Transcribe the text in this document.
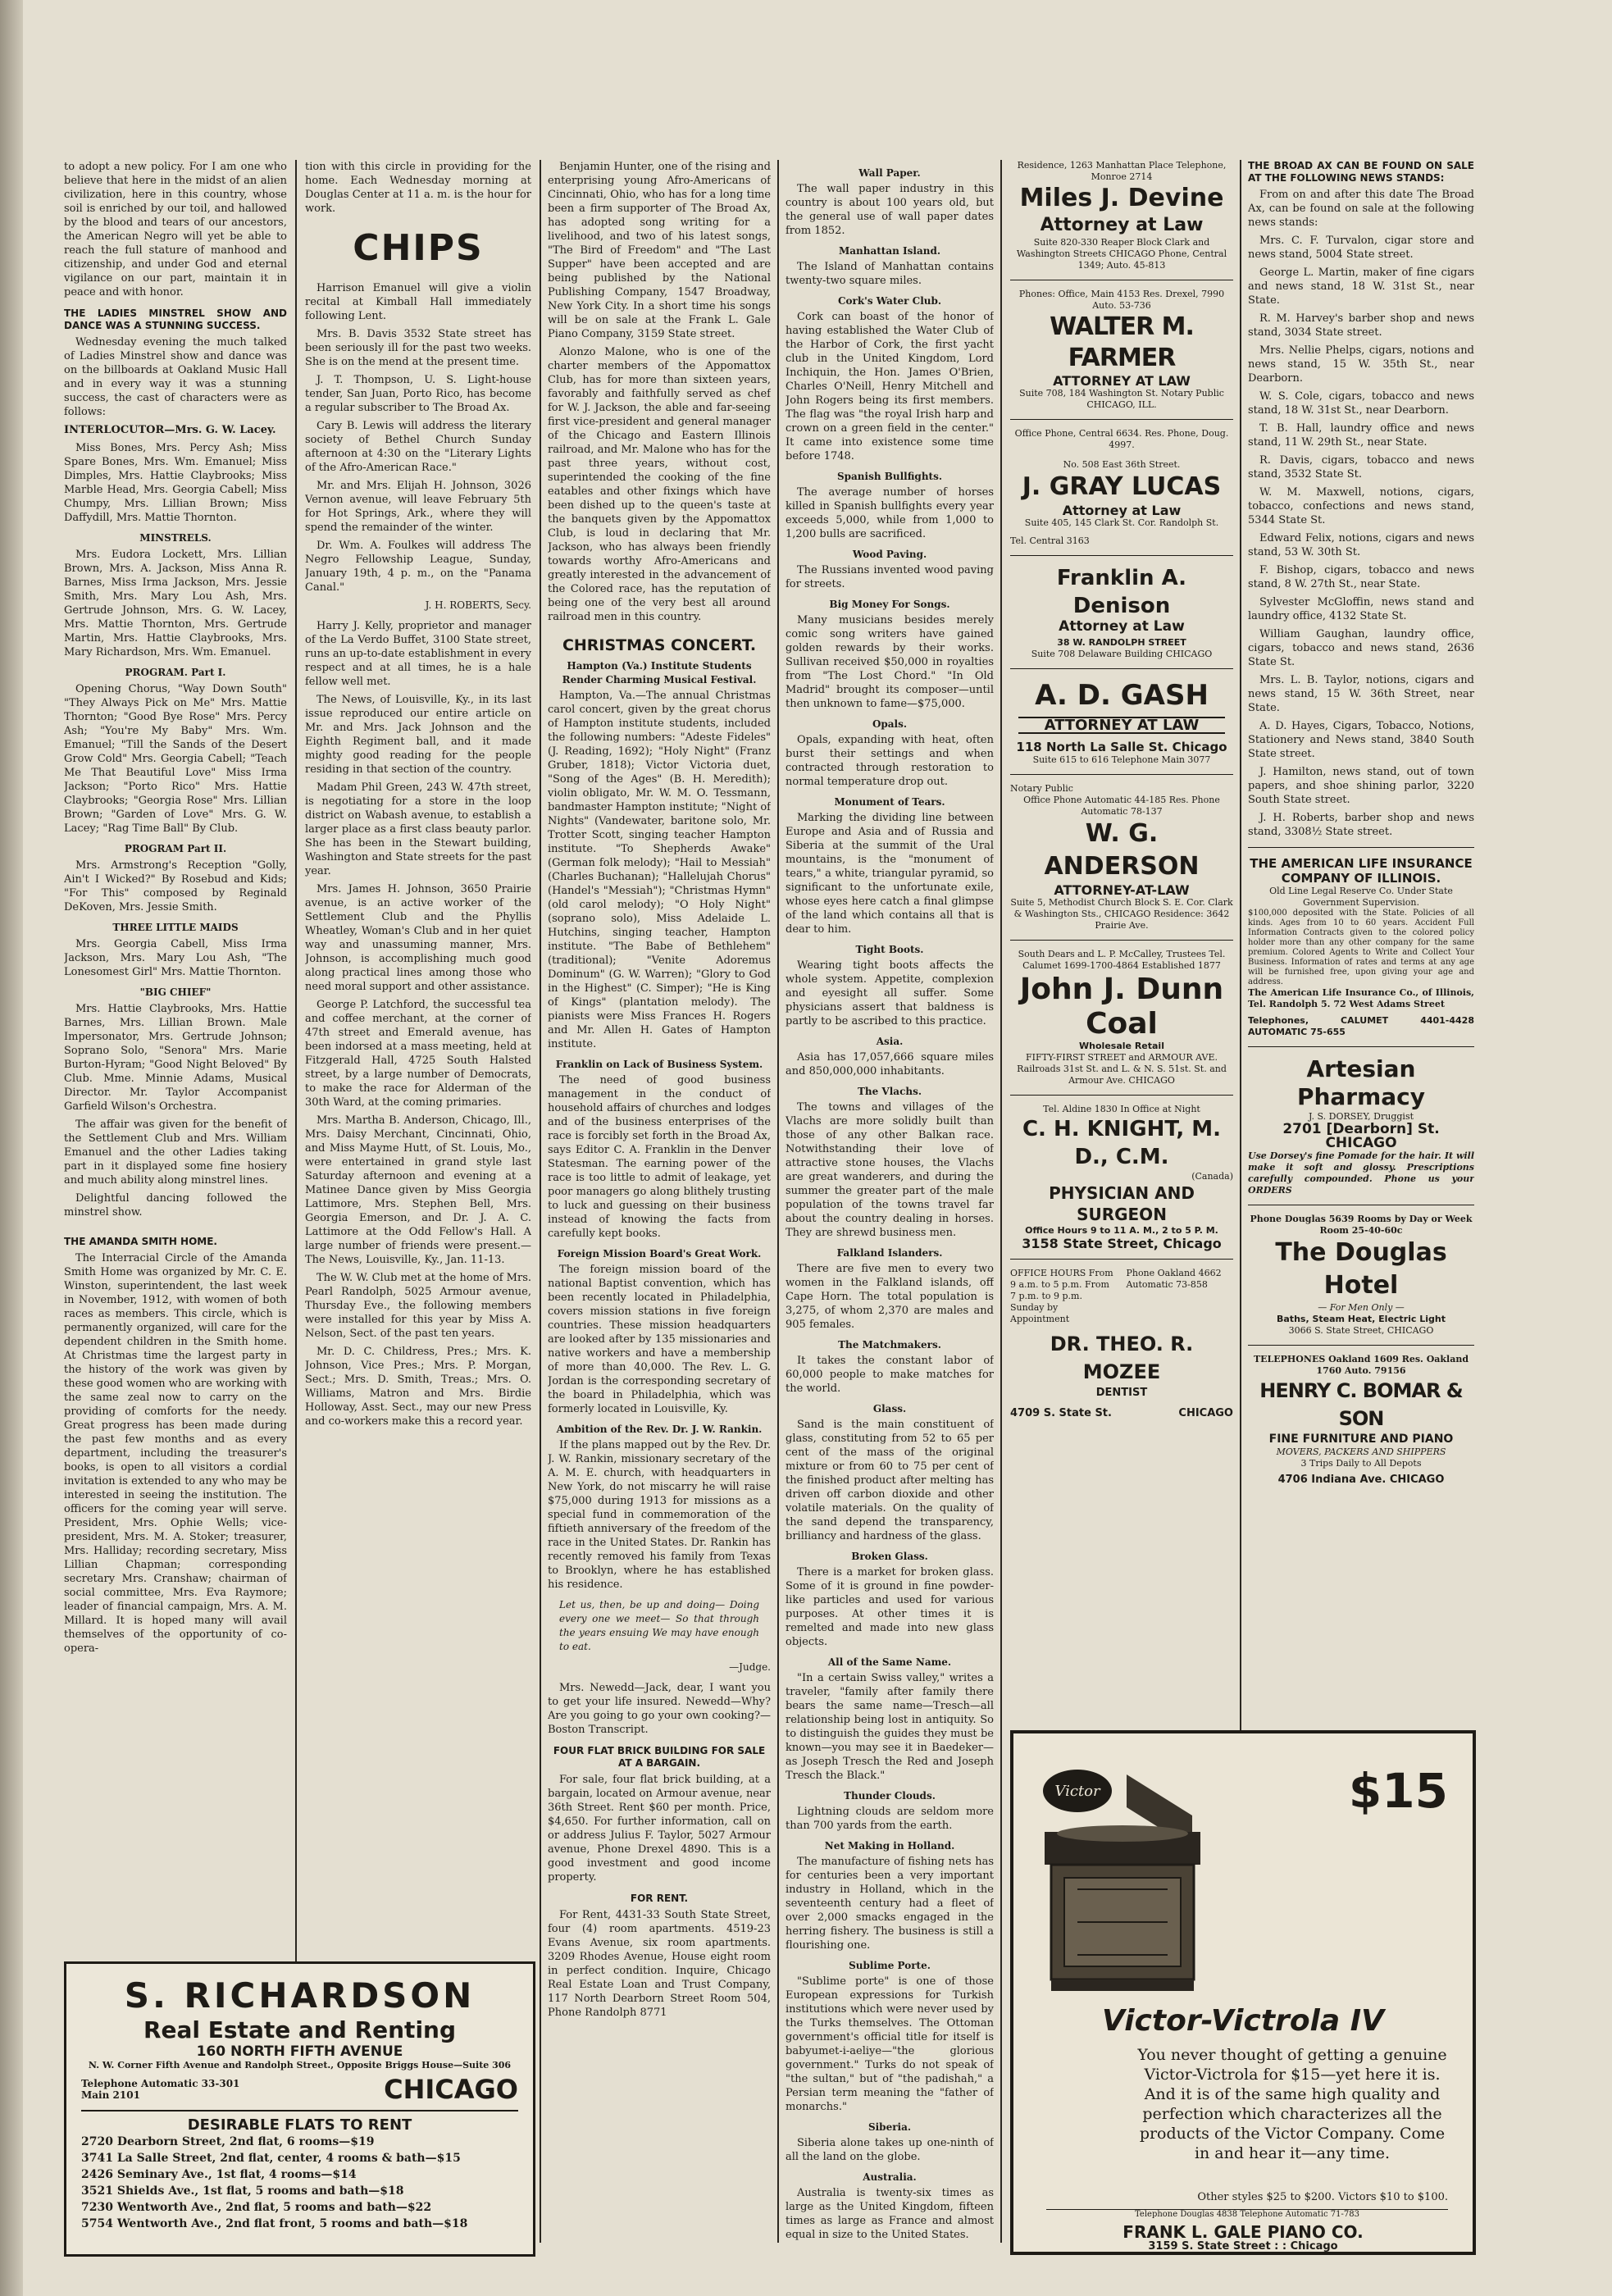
to adopt a new policy. For I am one who believe that here in the midst of an alien civilization, here in this country, whose soil is enriched by our toil, and hallowed by the blood and tears of our ancestors, the American Negro will yet be able to reach the full stature of manhood and citizenship, and under God and eternal vigilance on our part, maintain it in peace and with honor.

THE LADIES MINSTREL SHOW AND DANCE WAS A STUNNING SUCCESS.

Wednesday evening the much talked of Ladies Minstrel show and dance was on the billboards at Oakland Music Hall and in every way it was a stunning success, the cast of characters were as follows:

INTERLOCUTOR—Mrs. G. W. Lacey.

Miss Bones, Mrs. Percy Ash; Miss Spare Bones, Mrs. Wm. Emanuel; Miss Dimples, Mrs. Hattie Claybrooks; Miss Marble Head, Mrs. Georgia Cabell; Miss Chumpy, Mrs. Lillian Brown; Miss Daffydill, Mrs. Mattie Thornton.

MINSTRELS.

Mrs. Eudora Lockett, Mrs. Lillian Brown, Mrs. A. Jackson, Miss Anna R. Barnes, Miss Irma Jackson, Mrs. Jessie Smith, Mrs. Mary Lou Ash, Mrs. Gertrude Johnson, Mrs. G. W. Lacey, Mrs. Mattie Thornton, Mrs. Gertrude Martin, Mrs. Hattie Claybrooks, Mrs. Mary Richardson, Mrs. Wm. Emanuel.

PROGRAM. Part I.

Opening Chorus, "Way Down South" "They Always Pick on Me" Mrs. Mattie Thornton; "Good Bye Rose" Mrs. Percy Ash; "You're My Baby" Mrs. Wm. Emanuel; "Till the Sands of the Desert Grow Cold" Mrs. Georgia Cabell; "Teach Me That Beautiful Love" Miss Irma Jackson; "Porto Rico" Mrs. Hattie Claybrooks; "Georgia Rose" Mrs. Lillian Brown; "Garden of Love" Mrs. G. W. Lacey; "Rag Time Ball" By Club.

PROGRAM Part II.

Mrs. Armstrong's Reception "Golly, Ain't I Wicked?" By Rosebud and Kids; "For This" composed by Reginald DeKoven, Mrs. Jessie Smith.

THREE LITTLE MAIDS

Mrs. Georgia Cabell, Miss Irma Jackson, Mrs. Mary Lou Ash, "The Lonesomest Girl" Mrs. Mattie Thornton.

"BIG CHIEF"

Mrs. Hattie Claybrooks, Mrs. Hattie Barnes, Mrs. Lillian Brown. Male Impersonator, Mrs. Gertrude Johnson; Soprano Solo, "Senora" Mrs. Marie Burton-Hyram; "Good Night Beloved" By Club. Mme. Minnie Adams, Musical Director. Mr. Taylor Accompanist Garfield Wilson's Orchestra.

The affair was given for the benefit of the Settlement Club and Mrs. William Emanuel and the other Ladies taking part in it displayed some fine hosiery and much ability along minstrel lines.

Delightful dancing followed the minstrel show.

THE AMANDA SMITH HOME.

The Interracial Circle of the Amanda Smith Home was organized by Mr. C. E. Winston, superintendent, the last week in November, 1912, with women of both races as members. This circle, which is permanently organized, will care for the dependent children in the Smith home. At Christmas time the largest party in the history of the work was given by these good women who are working with the same zeal now to carry on the providing of comforts for the needy. Great progress has been made during the past few months and as every department, including the treasurer's books, is open to all visitors a cordial invitation is extended to any who may be interested in seeing the institution. The officers for the coming year will serve. President, Mrs. Ophie Wells; vice-president, Mrs. M. A. Stoker; treasurer, Mrs. Halliday; recording secretary, Miss Lillian Chapman; corresponding secretary Mrs. Cranshaw; chairman of social committee, Mrs. Eva Raymore; leader of financial campaign, Mrs. A. M. Millard. It is hoped many will avail themselves of the opportunity of co-opera-

tion with this circle in providing for the home. Each Wednesday morning at Douglas Center at 11 a. m. is the hour for work.

CHIPS

Harrison Emanuel will give a violin recital at Kimball Hall immediately following Lent.

Mrs. B. Davis 3532 State street has been seriously ill for the past two weeks. She is on the mend at the present time.

J. T. Thompson, U. S. Light-house tender, San Juan, Porto Rico, has become a regular subscriber to The Broad Ax.

Cary B. Lewis will address the literary society of Bethel Church Sunday afternoon at 4:30 on the "Literary Lights of the Afro-American Race."

Mr. and Mrs. Elijah H. Johnson, 3026 Vernon avenue, will leave February 5th for Hot Springs, Ark., where they will spend the remainder of the winter.

Dr. Wm. A. Foulkes will address The Negro Fellowship League, Sunday, January 19th, 4 p. m., on the "Panama Canal."

J. H. ROBERTS, Secy.

Harry J. Kelly, proprietor and manager of the La Verdo Buffet, 3100 State street, runs an up-to-date establishment in every respect and at all times, he is a hale fellow well met.

The News, of Louisville, Ky., in its last issue reproduced our entire article on Mr. and Mrs. Jack Johnson and the Eighth Regiment ball, and it made mighty good reading for the people residing in that section of the country.

Madam Phil Green, 243 W. 47th street, is negotiating for a store in the loop district on Wabash avenue, to establish a larger place as a first class beauty parlor. She has been in the Stewart building, Washington and State streets for the past year.

Mrs. James H. Johnson, 3650 Prairie avenue, is an active worker of the Settlement Club and the Phyllis Wheatley, Woman's Club and in her quiet way and unassuming manner, Mrs. Johnson, is accomplishing much good along practical lines among those who need moral support and other assistance.

George P. Latchford, the successful tea and coffee merchant, at the corner of 47th street and Emerald avenue, has been indorsed at a mass meeting, held at Fitzgerald Hall, 4725 South Halsted street, by a large number of Democrats, to make the race for Alderman of the 30th Ward, at the coming primaries.

Mrs. Martha B. Anderson, Chicago, Ill., Mrs. Daisy Merchant, Cincinnati, Ohio, and Miss Mayme Hutt, of St. Louis, Mo., were entertained in grand style last Saturday afternoon and evening at a Matinee Dance given by Miss Georgia Lattimore, Mrs. Stephen Bell, Mrs. Georgia Emerson, and Dr. J. A. C. Lattimore at the Odd Fellow's Hall. A large number of friends were present.—The News, Louisville, Ky., Jan. 11-13.

The W. W. Club met at the home of Mrs. Pearl Randolph, 5025 Armour avenue, Thursday Eve., the following members were installed for this year by Miss A. Nelson, Sect. of the past ten years.

Mr. D. C. Childress, Pres.; Mrs. K. Johnson, Vice Pres.; Mrs. P. Morgan, Sect.; Mrs. D. Smith, Treas.; Mrs. O. Williams, Matron and Mrs. Birdie Holloway, Asst. Sect., may our new Press and co-workers make this a record year.

Benjamin Hunter, one of the rising and enterprising young Afro-Americans of Cincinnati, Ohio, who has for a long time been a firm supporter of The Broad Ax, has adopted song writing for a livelihood, and two of his latest songs, "The Bird of Freedom" and "The Last Supper" have been accepted and are being published by the National Publishing Company, 1547 Broadway, New York City. In a short time his songs will be on sale at the Frank L. Gale Piano Company, 3159 State street.

Alonzo Malone, who is one of the charter members of the Appomattox Club, has for more than sixteen years, favorably and faithfully served as chef for W. J. Jackson, the able and far-seeing first vice-president and general manager of the Chicago and Eastern Illinois railroad, and Mr. Malone who has for the past three years, without cost, superintended the cooking of the fine eatables and other fixings which have been dished up to the queen's taste at the banquets given by the Appomattox Club, is loud in declaring that Mr. Jackson, who has always been friendly towards worthy Afro-Americans and greatly interested in the advancement of the Colored race, has the reputation of being one of the very best all around railroad men in this country.

CHRISTMAS CONCERT.
Hampton (Va.) Institute Students Render Charming Musical Festival.

Hampton, Va.—The annual Christmas carol concert, given by the great chorus of Hampton institute students, included the following numbers: "Adeste Fideles" (J. Reading, 1692); "Holy Night" (Franz Gruber, 1818); Victor Victoria duet, "Song of the Ages" (B. H. Meredith); violin obligato, Mr. W. M. O. Tessmann, bandmaster Hampton institute; "Night of Nights" (Vandewater, baritone solo, Mr. Trotter Scott, singing teacher Hampton institute. "To Shepherds Awake" (German folk melody); "Hail to Messiah" (Charles Buchanan); "Hallelujah Chorus" (Handel's "Messiah"); "Christmas Hymn" (old carol melody); "O Holy Night" (soprano solo), Miss Adelaide L. Hutchins, singing teacher, Hampton institute. "The Babe of Bethlehem" (traditional); "Venite Adoremus Dominum" (G. W. Warren); "Glory to God in the Highest" (C. Simper); "He is King of Kings" (plantation melody). The pianists were Miss Frances H. Rogers and Mr. Allen H. Gates of Hampton institute.

Franklin on Lack of Business System.

The need of good business management in the conduct of household affairs of churches and lodges and of the business enterprises of the race is forcibly set forth in the Broad Ax, says Editor C. A. Franklin in the Denver Statesman. The earning power of the race is too little to admit of leakage, yet poor managers go along blithely trusting to luck and guessing on their business instead of knowing the facts from carefully kept books.

Foreign Mission Board's Great Work.

The foreign mission board of the national Baptist convention, which has been recently located in Philadelphia, covers mission stations in five foreign countries. These mission headquarters are looked after by 135 missionaries and native workers and have a membership of more than 40,000. The Rev. L. G. Jordan is the corresponding secretary of the board in Philadelphia, which was formerly located in Louisville, Ky.

Ambition of the Rev. Dr. J. W. Rankin.

If the plans mapped out by the Rev. Dr. J. W. Rankin, missionary secretary of the A. M. E. church, with headquarters in New York, do not miscarry he will raise $75,000 during 1913 for missions as a special fund in commemoration of the fiftieth anniversary of the freedom of the race in the United States. Dr. Rankin has recently removed his family from Texas to Brooklyn, where he has established his residence.

Let us, then, be up and doing— Doing every one we meet— So that through the years ensuing We may have enough to eat.
—Judge.

Mrs. Newedd—Jack, dear, I want you to get your life insured. Newedd—Why? Are you going to go your own cooking?—Boston Transcript.

FOUR FLAT BRICK BUILDING FOR SALE AT A BARGAIN.

For sale, four flat brick building, at a bargain, located on Armour avenue, near 36th Street. Rent $60 per month. Price, $4,650. For further information, call on or address Julius F. Taylor, 5027 Armour avenue, Phone Drexel 4890. This is a good investment and good income property.

FOR RENT.

For Rent, 4431-33 South State Street, four (4) room apartments. 4519-23 Evans Avenue, six room apartments. 3209 Rhodes Avenue, House eight room in perfect condition. Inquire, Chicago Real Estate Loan and Trust Company, 117 North Dearborn Street Room 504, Phone Randolph 8771

Wall Paper.

The wall paper industry in this country is about 100 years old, but the general use of wall paper dates from 1852.

Manhattan Island.

The Island of Manhattan contains twenty-two square miles.

Cork's Water Club.

Cork can boast of the honor of having established the Water Club of the Harbor of Cork, the first yacht club in the United Kingdom, Lord Inchiquin, the Hon. James O'Brien, Charles O'Neill, Henry Mitchell and John Rogers being its first members. The flag was "the royal Irish harp and crown on a green field in the center." It came into existence some time before 1748.

Spanish Bullfights.

The average number of horses killed in Spanish bullfights every year exceeds 5,000, while from 1,000 to 1,200 bulls are sacrificed.

Wood Paving.

The Russians invented wood paving for streets.

Big Money For Songs.

Many musicians besides merely comic song writers have gained golden rewards by their works. Sullivan received $50,000 in royalties from "The Lost Chord." "In Old Madrid" brought its composer—until then unknown to fame—$75,000.

Opals.

Opals, expanding with heat, often burst their settings and when contracted through restoration to normal temperature drop out.

Monument of Tears.

Marking the dividing line between Europe and Asia and of Russia and Siberia at the summit of the Ural mountains, is the "monument of tears," a white, triangular pyramid, so significant to the unfortunate exile, whose eyes here catch a final glimpse of the land which contains all that is dear to him.

Tight Boots.

Wearing tight boots affects the whole system. Appetite, complexion and eyesight all suffer. Some physicians assert that baldness is partly to be ascribed to this practice.

Asia.

Asia has 17,057,666 square miles and 850,000,000 inhabitants.

The Vlachs.

The towns and villages of the Vlachs are more solidly built than those of any other Balkan race. Notwithstanding their love of attractive stone houses, the Vlachs are great wanderers, and during the summer the greater part of the male population of the towns travel far about the country dealing in horses. They are shrewd business men.

Falkland Islanders.

There are five men to every two women in the Falkland islands, off Cape Horn. The total population is 3,275, of whom 2,370 are males and 905 females.

The Matchmakers.

It takes the constant labor of 60,000 people to make matches for the world.

Glass.

Sand is the main constituent of glass, constituting from 52 to 65 per cent of the mass of the original mixture or from 60 to 75 per cent of the finished product after melting has driven off carbon dioxide and other volatile materials. On the quality of the sand depend the transparency, brilliancy and hardness of the glass.

Broken Glass.

There is a market for broken glass. Some of it is ground in fine powder-like particles and used for various purposes. At other times it is remelted and made into new glass objects.

All of the Same Name.

"In a certain Swiss valley," writes a traveler, "family after family there bears the same name—Tresch—all relationship being lost in antiquity. So to distinguish the guides they must be known—you may see it in Baedeker—as Joseph Tresch the Red and Joseph Tresch the Black."

Thunder Clouds.

Lightning clouds are seldom more than 700 yards from the earth.

Net Making in Holland.

The manufacture of fishing nets has for centuries been a very important industry in Holland, which in the seventeenth century had a fleet of over 2,000 smacks engaged in the herring fishery. The business is still a flourishing one.

Sublime Porte.

"Sublime porte" is one of those European expressions for Turkish institutions which were never used by the Turks themselves. The Ottoman government's official title for itself is babyumet-i-aeliye—"the glorious government." Turks do not speak of "the sultan," but of "the padishah," a Persian term meaning the "father of monarchs."

Siberia.

Siberia alone takes up one-ninth of all the land on the globe.

Australia.

Australia is twenty-six times as large as the United Kingdom, fifteen times as large as France and almost equal in size to the United States.

Residence, 1263 Manhattan Place Telephone, Monroe 2714
Miles J. Devine
Attorney at Law
Suite 820-330 Reaper Block Clark and Washington Streets CHICAGO Phone, Central 1349; Auto. 45-813
Phones: Office, Main 4153 Res. Drexel, 7990 Auto. 53-736
WALTER M. FARMER
ATTORNEY AT LAW
Suite 708, 184 Washington St. Notary Public CHICAGO, ILL.
Office Phone, Central 6634. Res. Phone, Doug. 4997.
No. 508 East 36th Street.
J. GRAY LUCAS
Attorney at Law
Suite 405, 145 Clark St. Cor. Randolph St.
Tel. Central 3163
Franklin A. Denison
Attorney at Law
38 W. RANDOLPH STREET
Suite 708 Delaware Building CHICAGO
A. D. GASH
ATTORNEY AT LAW
118 North La Salle St. Chicago
Suite 615 to 616 Telephone Main 3077
Notary Public
Office Phone Automatic 44-185 Res. Phone Automatic 78-137
W. G. ANDERSON
ATTORNEY-AT-LAW
Suite 5, Methodist Church Block S. E. Cor. Clark & Washington Sts., CHICAGO Residence: 3642 Prairie Ave.
South Dears and L. P. McCalley, Trustees Tel. Calumet 1699-1700-4864 Established 1877
John J. Dunn
Coal
Wholesale Retail
FIFTY-FIRST STREET and ARMOUR AVE. Railroads 31st St. and L. & N. S. 51st. St. and Armour Ave. CHICAGO
Tel. Aldine 1830 In Office at Night
C. H. KNIGHT, M. D., C.M.
(Canada)
PHYSICIAN AND SURGEON
Office Hours 9 to 11 A. M., 2 to 5 P. M.
3158 State Street, Chicago
OFFICE HOURS From 9 a.m. to 5 p.m. From 7 p.m. to 9 p.m. Sunday by Appointment
Phone Oakland 4662 Automatic 73-858
DR. THEO. R. MOZEE
DENTIST
4709 S. State St.	CHICAGO
THE BROAD AX CAN BE FOUND ON SALE AT THE FOLLOWING NEWS STANDS:

From on and after this date The Broad Ax, can be found on sale at the following news stands:

Mrs. C. F. Turvalon, cigar store and news stand, 5004 State street.

George L. Martin, maker of fine cigars and news stand, 18 W. 31st St., near State.

R. M. Harvey's barber shop and news stand, 3034 State street.

Mrs. Nellie Phelps, cigars, notions and news stand, 15 W. 35th St., near Dearborn.

W. S. Cole, cigars, tobacco and news stand, 18 W. 31st St., near Dearborn.

T. B. Hall, laundry office and news stand, 11 W. 29th St., near State.

R. Davis, cigars, tobacco and news stand, 3532 State St.

W. M. Maxwell, notions, cigars, tobacco, confections and news stand, 5344 State St.

Edward Felix, notions, cigars and news stand, 53 W. 30th St.

F. Bishop, cigars, tobacco and news stand, 8 W. 27th St., near State.

Sylvester McGloffin, news stand and laundry office, 4132 State St.

William Gaughan, laundry office, cigars, tobacco and news stand, 2636 State St.

Mrs. L. B. Taylor, notions, cigars and news stand, 15 W. 36th Street, near State.

A. D. Hayes, Cigars, Tobacco, Notions, Stationery and News stand, 3840 South State street.

J. Hamilton, news stand, out of town papers, and shoe shining parlor, 3220 South State street.

J. H. Roberts, barber shop and news stand, 3308½ State street.

THE AMERICAN LIFE INSURANCE COMPANY OF ILLINOIS.
Old Line Legal Reserve Co. Under State Government Supervision.
$100,000 deposited with the State. Policies of all kinds. Ages from 10 to 60 years. Accident Full Information Contracts given to the colored policy holder more than any other company for the same premium. Colored Agents to Write and Collect Your Business. Information of rates and terms at any age will be furnished free, upon giving your age and address.
The American Life Insurance Co., of Illinois, Tel. Randolph 5. 72 West Adams Street
Telephones, CALUMET 4401-4428 AUTOMATIC 75-655
Artesian Pharmacy
J. S. DORSEY, Druggist
2701 [Dearborn] St. CHICAGO
Use Dorsey's fine Pomade for the hair. It will make it soft and glossy. Prescriptions carefully compounded. Phone us your ORDERS
Phone Douglas 5639 Rooms by Day or Week Room 25-40-60c
The Douglas Hotel
— For Men Only —
Baths, Steam Heat, Electric Light
3066 S. State Street, CHICAGO
TELEPHONES Oakland 1609 Res. Oakland 1760 Auto. 79156
HENRY C. BOMAR & SON
FINE FURNITURE AND PIANO
MOVERS, PACKERS AND SHIPPERS
3 Trips Daily to All Depots
4706 Indiana Ave. CHICAGO
Victor	$15
Victor-Victrola IV
You never thought of getting a genuine Victor-Victrola for $15—yet here it is. And it is of the same high quality and perfection which characterizes all the products of the Victor Company. Come in and hear it—any time.
Other styles $25 to $200. Victors $10 to $100.
Telephone Douglas 4838 Telephone Automatic 71-783
FRANK L. GALE PIANO CO.
3159 S. State Street : : Chicago
S. RICHARDSON
Real Estate and Renting
160 NORTH FIFTH AVENUE
N. W. Corner Fifth Avenue and Randolph Street., Opposite Briggs House—Suite 306
Telephone Automatic 33-301 Main 2101	CHICAGO
DESIRABLE FLATS TO RENT
2720 Dearborn Street, 2nd flat, 6 rooms—$19
3741 La Salle Street, 2nd flat, center, 4 rooms & bath—$15
2426 Seminary Ave., 1st flat, 4 rooms—$14
3521 Shields Ave., 1st flat, 5 rooms and bath—$18
7230 Wentworth Ave., 2nd flat, 5 rooms and bath—$22
5754 Wentworth Ave., 2nd flat front, 5 rooms and bath—$18
